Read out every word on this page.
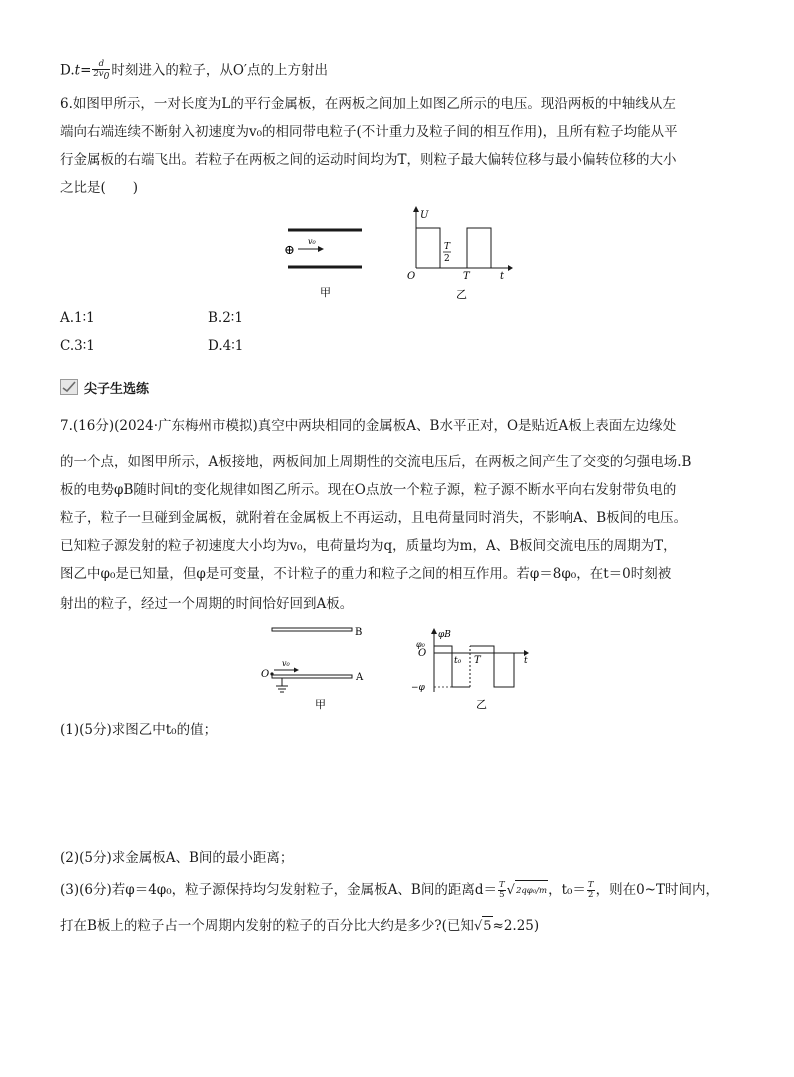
$D.t= \frac{d}{2v0}$ 时刻进入的粒子，从O′点的上方射出
6.如图甲所示，一对长度为L的平行金属板，在两板之间加上如图乙所示的电压。现沿两板的中轴线从左
端向右端连续不断射入初速度为v₀的相同带电粒子(不计重力及粒子间的相互作用)，且所有粒子均能从平
行金属板的右端飞出。若粒子在两板之间的运动时间均为T，则粒子最大偏转位移与最小偏转位移的大小
之比是(　　)
⊕
v₀
甲
U
O
T
2
T	t
乙
A.1∶1	B.2∶1
C.3∶1	D.4∶1
尖子生选练
7.(16分)(2024·广东梅州市模拟)真空中两块相同的金属板A、B水平正对，O是贴近A板上表面左边缘处
的一个点，如图甲所示，A板接地，两板间加上周期性的交流电压后，在两板之间产生了交变的匀强电场.B
板的电势φB随时间t的变化规律如图乙所示。现在O点放一个粒子源，粒子源不断水平向右发射带负电的
粒子，粒子一旦碰到金属板，就附着在金属板上不再运动，且电荷量同时消失，不影响A、B板间的电压。
已知粒子源发射的粒子初速度大小均为v₀，电荷量均为q，质量均为m，A、B板间交流电压的周期为T，
图乙中φ₀是已知量，但φ是可变量，不计粒子的重力和粒子之间的相互作用。若φ＝8φ₀，在t＝0时刻被
射出的粒子，经过一个周期的时间恰好回到A板。
B
A
O
v₀
甲
φB
φ₀
t
O
−φ
t₀ T
乙
(1)(5分)求图乙中t₀的值；
(2)(5分)求金属板A、B间的最小距离；
(3)(6分)若φ＝4φ₀，粒子源保持均匀发射粒子，金属板A、B间的距离$d= \frac{T}{5} √2q\varphi_0/m$，$t_0= \frac{T}{2}$ ，则在0~T时间内，
打在B板上的粒子占一个周期内发射的粒子的百分比大约是多少?(已知√5≈2.25)
